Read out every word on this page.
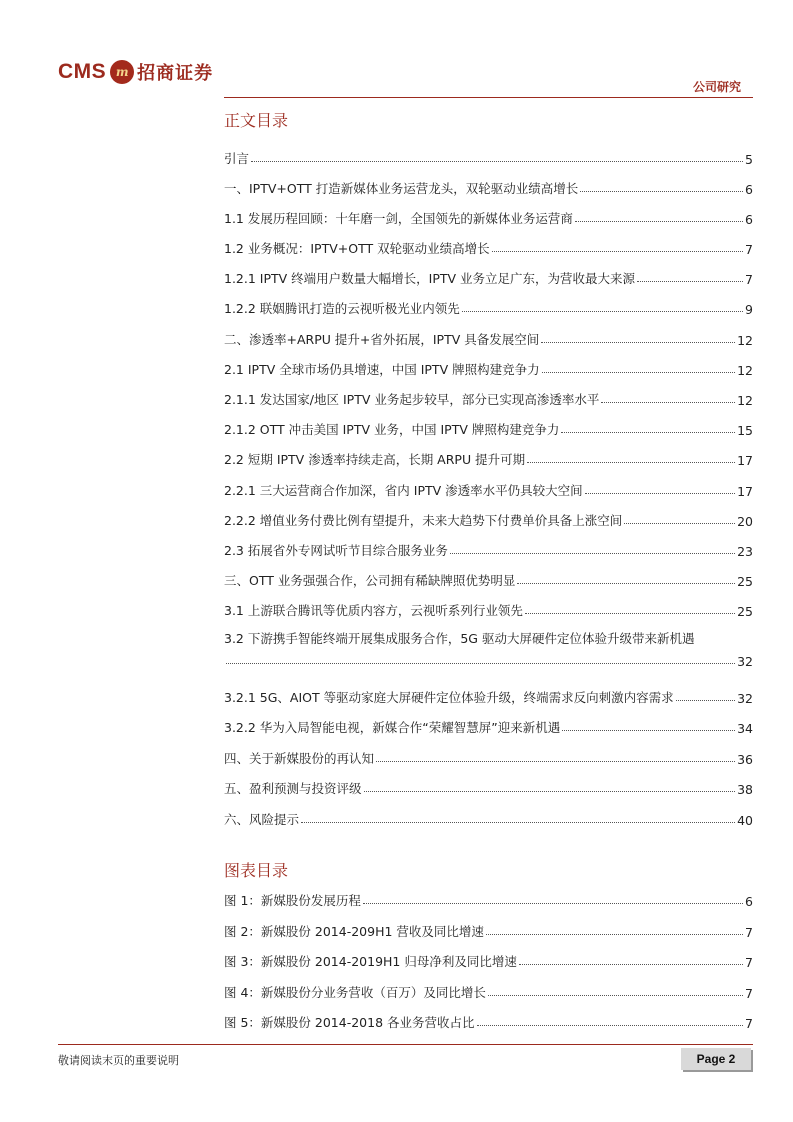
CMS m 招商证券
公司研究
正文目录
引言	5
一、IPTV+OTT 打造新媒体业务运营龙头，双轮驱动业绩高增长	6
1.1 发展历程回顾：十年磨一剑，全国领先的新媒体业务运营商	6
1.2 业务概况：IPTV+OTT 双轮驱动业绩高增长	7
1.2.1 IPTV 终端用户数量大幅增长，IPTV 业务立足广东，为营收最大来源	7
1.2.2 联姻腾讯打造的云视听极光业内领先	9
二、渗透率+ARPU 提升+省外拓展，IPTV 具备发展空间	12
2.1 IPTV 全球市场仍具增速，中国 IPTV 牌照构建竞争力	12
2.1.1 发达国家/地区 IPTV 业务起步较早，部分已实现高渗透率水平	12
2.1.2 OTT 冲击美国 IPTV 业务，中国 IPTV 牌照构建竞争力	15
2.2 短期 IPTV 渗透率持续走高，长期 ARPU 提升可期	17
2.2.1 三大运营商合作加深，省内 IPTV 渗透率水平仍具较大空间	17
2.2.2 增值业务付费比例有望提升，未来大趋势下付费单价具备上涨空间	20
2.3 拓展省外专网试听节目综合服务业务	23
三、OTT 业务强强合作，公司拥有稀缺牌照优势明显	25
3.1 上游联合腾讯等优质内容方，云视听系列行业领先	25
3.2 下游携手智能终端开展集成服务合作，5G 驱动大屏硬件定位体验升级带来新机遇
32
3.2.1 5G、AIOT 等驱动家庭大屏硬件定位体验升级，终端需求反向刺激内容需求	32
3.2.2 华为入局智能电视，新媒合作“荣耀智慧屏”迎来新机遇	34
四、关于新媒股份的再认知	36
五、盈利预测与投资评级	38
六、风险提示	40
图表目录
图 1：新媒股份发展历程	6
图 2：新媒股份 2014-209H1 营收及同比增速	7
图 3：新媒股份 2014-2019H1 归母净利及同比增速	7
图 4：新媒股份分业务营收（百万）及同比增长	7
图 5：新媒股份 2014-2018 各业务营收占比	7
敬请阅读末页的重要说明	Page 2
